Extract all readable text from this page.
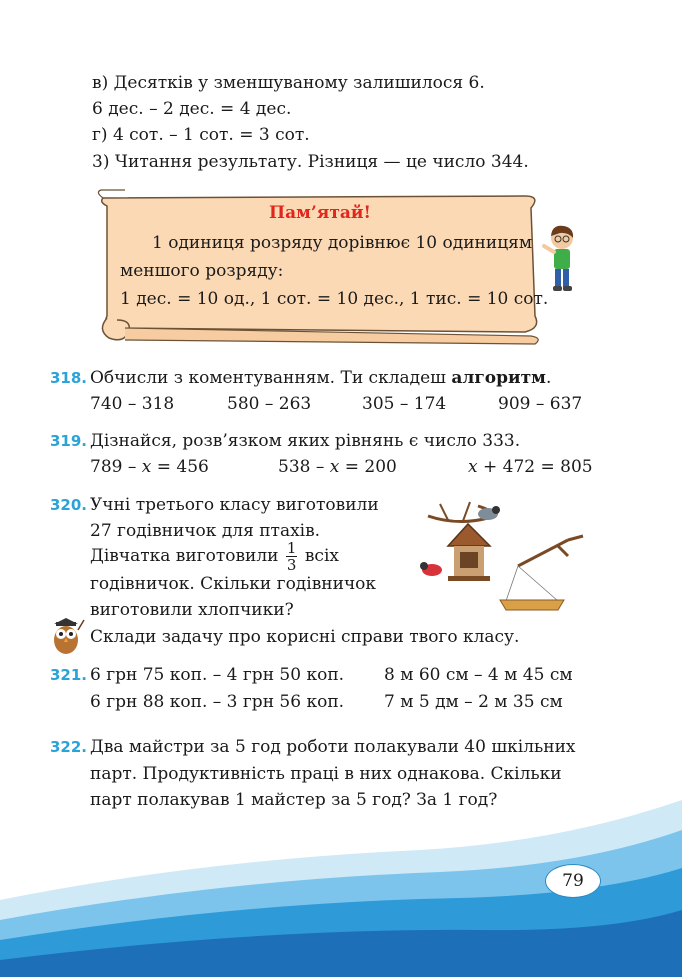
в) Десятків у зменшуваному залишилося 6.
6 дес. – 2 дес. = 4 дес.
г) 4 сот. – 1 сот. = 3 сот.
3) Читання результату. Різниця — це число 344.
Пам’ятай!
1 одиниця розряду дорівнює 10 одиницям
меншого розряду:
1 дес. = 10 од., 1 сот. = 10 дес., 1 тис. = 10 сот.
318. Обчисли з коментуванням. Ти складеш алгоритм.
740 – 318	580 – 263	305 – 174	909 – 637
319. Дізнайся, розв’язком яких рівнянь є число 333.
789 – x = 456	538 – x = 200	x + 472 = 805
320. Учні третього класу виготовили
27 годівничок для птахів.
Дівчатка виготовили $\frac{1}{3}$ всіх
годівничок. Скільки годівничок
виготовили хлопчики?
Склади задачу про корисні справи твого класу.
321. 6 грн 75 коп. – 4 грн 50 коп. 8 м 60 см – 4 м 45 см
6 грн 88 коп. – 3 грн 56 коп. 7 м 5 дм – 2 м 35 см
322. Два майстри за 5 год роботи полакували 40 шкільних
парт. Продуктивність праці в них однакова. Скільки
парт полакував 1 майстер за 5 год? За 1 год?
79
